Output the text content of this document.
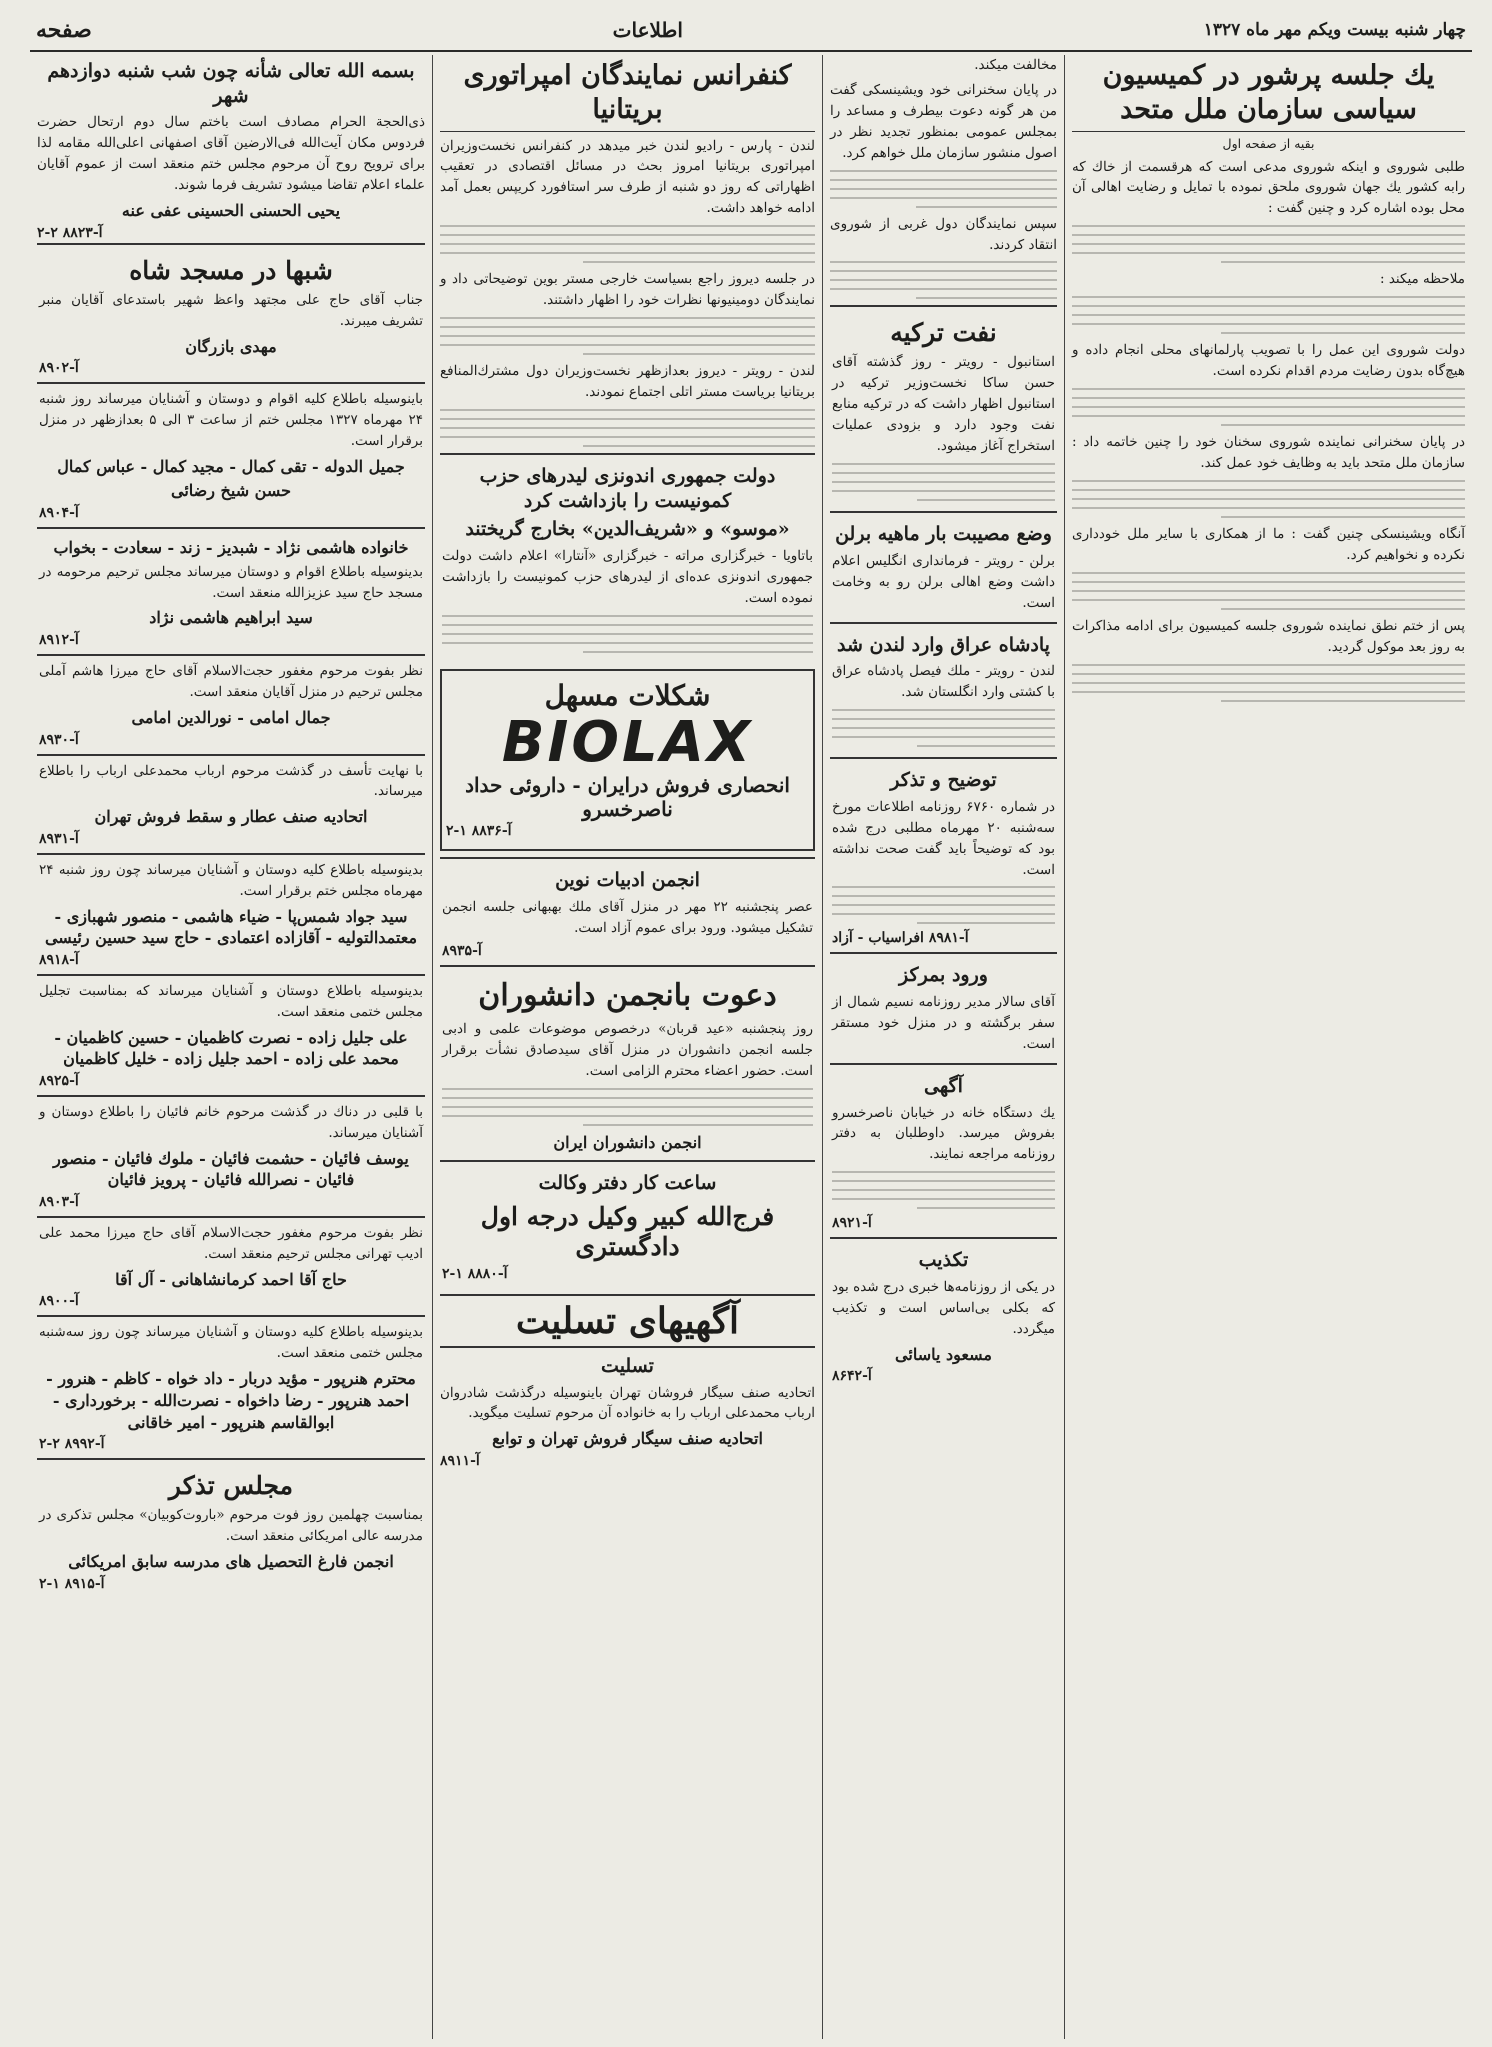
چهار شنبه بیست ویکم مهر ماه ۱۳۲۷
اطلاعات
صفحه
یك جلسه پرشور در كمیسیون سیاسی سازمان ملل متحد
بقیه از صفحه اول

طلبی شوروی و اینكه شوروی مدعی است كه هرقسمت از خاك كه رابه كشور یك جهان شوروی ملحق نموده با تمایل و رضایت اهالی آن محل بوده اشاره كرد و چنین گفت :

ملاحظه میكند :

دولت شوروی این عمل را با تصویب پارلمانهای محلی انجام داده و هیچ‌گاه بدون رضایت مردم اقدام نكرده است.

در پایان سخنرانی نماینده شوروی سخنان خود را چنین خاتمه داد : سازمان ملل متحد باید به وظایف خود عمل كند.

آنگاه ویشینسكی چنین گفت : ما از همكاری با سایر ملل خودداری نكرده و نخواهیم كرد.

پس از ختم نطق نماینده شوروی جلسه كمیسیون برای ادامه مذاكرات به روز بعد موكول گردید.

مخالفت میكند.

در پایان سخنرانی خود ویشینسكی گفت من هر گونه دعوت بیطرف و مساعد را بمجلس عمومی بمنظور تجدید نظر در اصول منشور سازمان ملل خواهم كرد.

سپس نمایندگان دول غربی از شوروی انتقاد كردند.

نفت تركیه

استانبول - رویتر - روز گذشته آقای حسن ساكا نخست‌وزیر تركیه در استانبول اظهار داشت كه در تركیه منابع نفت وجود دارد و بزودی عملیات استخراج آغاز میشود.

وضع مصیبت بار ماهیه برلن

برلن - رویتر - فرمانداری انگلیس اعلام داشت وضع اهالی برلن رو به وخامت است.

پادشاه عراق وارد لندن شد

لندن - رویتر - ملك فیصل پادشاه عراق با كشتی وارد انگلستان شد.

توضیح و تذكر

در شماره ۶۷۶۰ روزنامه اطلاعات مورخ سه‌شنبه ۲۰ مهرماه مطلبی درج شده بود كه توضیحاً باید گفت صحت نداشته است.

آ-۸۹۸۱ افراسیاب - آزاد
ورود بمركز

آقای سالار مدیر روزنامه نسیم شمال از سفر برگشته و در منزل خود مستقر است.

آگهی

یك دستگاه خانه در خیابان ناصرخسرو بفروش میرسد. داوطلبان به دفتر روزنامه مراجعه نمایند.

آ-۸۹۲۱
تكذیب

در یكی از روزنامه‌ها خبری درج شده بود كه بكلی بی‌اساس است و تكذیب میگردد.

مسعود یاسائی
آ-۸۶۴۲
كنفرانس نمایندگان امپراتوری بریتانیا

لندن - پارس - رادیو لندن خبر میدهد در كنفرانس نخست‌وزیران امپراتوری بریتانیا امروز بحث در مسائل اقتصادی در تعقیب اظهاراتی كه روز دو شنبه از طرف سر استافورد كریپس بعمل آمد ادامه خواهد داشت.

در جلسه دیروز راجع بسیاست خارجی مستر بوین توضیحاتی داد و نمایندگان دومینیونها نظرات خود را اظهار داشتند.

لندن - رویتر - دیروز بعدازظهر نخست‌وزیران دول مشترك‌المنافع بریتانیا بریاست مستر اتلی اجتماع نمودند.

دولت جمهوری اندونزی لیدرهای حزب كمونیست را بازداشت كرد
«موسو» و «شریف‌الدین» بخارج گریختند

باتاویا - خبرگزاری مراته - خبرگزاری «آنتارا» اعلام داشت دولت جمهوری اندونزی عده‌ای از لیدرهای حزب كمونیست را بازداشت نموده است.

شكلات مسهل
BIOLAX
انحصاری فروش درایران - داروئی حداد ناصرخسرو
آ-۸۸۳۶ ۱-۲
انجمن ادبیات نوین

عصر پنجشنبه ۲۲ مهر در منزل آقای ملك بهبهانی جلسه انجمن تشكیل میشود. ورود برای عموم آزاد است.

آ-۸۹۳۵
دعوت بانجمن دانشوران

روز پنجشنبه «عید قربان» درخصوص موضوعات علمی و ادبی جلسه انجمن دانشوران در منزل آقای سیدصادق نشأت برقرار است. حضور اعضاء محترم الزامی است.

انجمن دانشوران ایران
ساعت كار دفتر وكالت
فرج‌الله كبیر وكیل درجه اول دادگستری
آ-۸۸۸۰ ۱-۲
آگهیهای تسلیت
تسلیت

اتحادیه صنف سیگار فروشان تهران باینوسیله درگذشت شادروان ارباب محمدعلی ارباب را به خانواده آن مرحوم تسلیت میگوید.

اتحادیه صنف سیگار فروش تهران و توابع
آ-۸۹۱۱
بسمه الله تعالی شأنه چون شب شنبه دوازدهم شهر

ذی‌الحجة الحرام مصادف است باختم سال دوم ارتحال حضرت فردوس مكان آیت‌الله فی‌الارضین آقای اصفهانی اعلی‌الله مقامه لذا برای ترویح روح آن مرحوم مجلس ختم منعقد است از عموم آقایان علماء اعلام تقاضا میشود تشریف فرما شوند.

یحیی الحسنی الحسینی عفی عنه
آ-۸۸۲۳ ۲-۲
شبها در مسجد شاه

جناب آقای حاج علی مجتهد واعظ شهیر باستدعای آقایان منبر تشریف میبرند.

مهدی بازرگان
آ-۸۹۰۲

باینوسیله باطلاع كلیه اقوام و دوستان و آشنایان میرساند روز شنبه ۲۴ مهرماه ۱۳۲۷ مجلس ختم از ساعت ۳ الی ۵ بعدازظهر در منزل برقرار است.

جمیل الدوله - تقی كمال - مجید كمال - عباس كمال
حسن شیخ رضائی
آ-۸۹۰۴
خانواده هاشمی نژاد - شبدیز - زند - سعادت - بخواب

بدینوسیله باطلاع اقوام و دوستان میرساند مجلس ترحیم مرحومه در مسجد حاج سید عزیزالله منعقد است.

سید ابراهیم هاشمی نژاد
آ-۸۹۱۲

نظر بفوت مرحوم مغفور حجت‌الاسلام آقای حاج میرزا هاشم آملی مجلس ترحیم در منزل آقایان منعقد است.

جمال امامی - نورالدین امامی
آ-۸۹۳۰

با نهایت تأسف در گذشت مرحوم ارباب محمدعلی ارباب را باطلاع میرساند.

اتحادیه صنف عطار و سقط فروش تهران
آ-۸۹۳۱

بدینوسیله باطلاع كلیه دوستان و آشنایان میرساند چون روز شنبه ۲۴ مهرماه مجلس ختم برقرار است.

سید جواد شمس‌پا - ضیاء هاشمی - منصور شهبازی - معتمدالتولیه - آقازاده اعتمادی - حاج سید حسین رئیسی
آ-۸۹۱۸

بدینوسیله باطلاع دوستان و آشنایان میرساند كه بمناسبت تجلیل مجلس ختمی منعقد است.

علی جلیل زاده - نصرت كاظمیان - حسین كاظمیان - محمد علی زاده - احمد جلیل زاده - خلیل كاظمیان
آ-۸۹۲۵

با قلبی در دناك در گذشت مرحوم خانم فائیان را باطلاع دوستان و آشنایان میرساند.

یوسف فائیان - حشمت فائیان - ملوك فائیان - منصور فائیان - نصرالله فائیان - پرویز فائیان
آ-۸۹۰۳

نظر بفوت مرحوم مغفور حجت‌الاسلام آقای حاج میرزا محمد علی ادیب تهرانی مجلس ترحیم منعقد است.

حاج آقا احمد كرمانشاهانی - آل آقا
آ-۸۹۰۰

بدینوسیله باطلاع كلیه دوستان و آشنایان میرساند چون روز سه‌شنبه مجلس ختمی منعقد است.

محترم هنرپور - مؤید دربار - داد خواه - كاظم - هنرور - احمد هنرپور - رضا داخواه - نصرت‌الله - برخورداری - ابوالقاسم هنرپور - امیر خاقانی
آ-۸۹۹۲ ۲-۲
مجلس تذكر

بمناسبت چهلمین روز فوت مرحوم «باروت‌كوبیان» مجلس تذكری در مدرسه عالی امریكائی منعقد است.

انجمن فارغ التحصیل های مدرسه سابق امریكائی
آ-۸۹۱۵ ۱-۲
